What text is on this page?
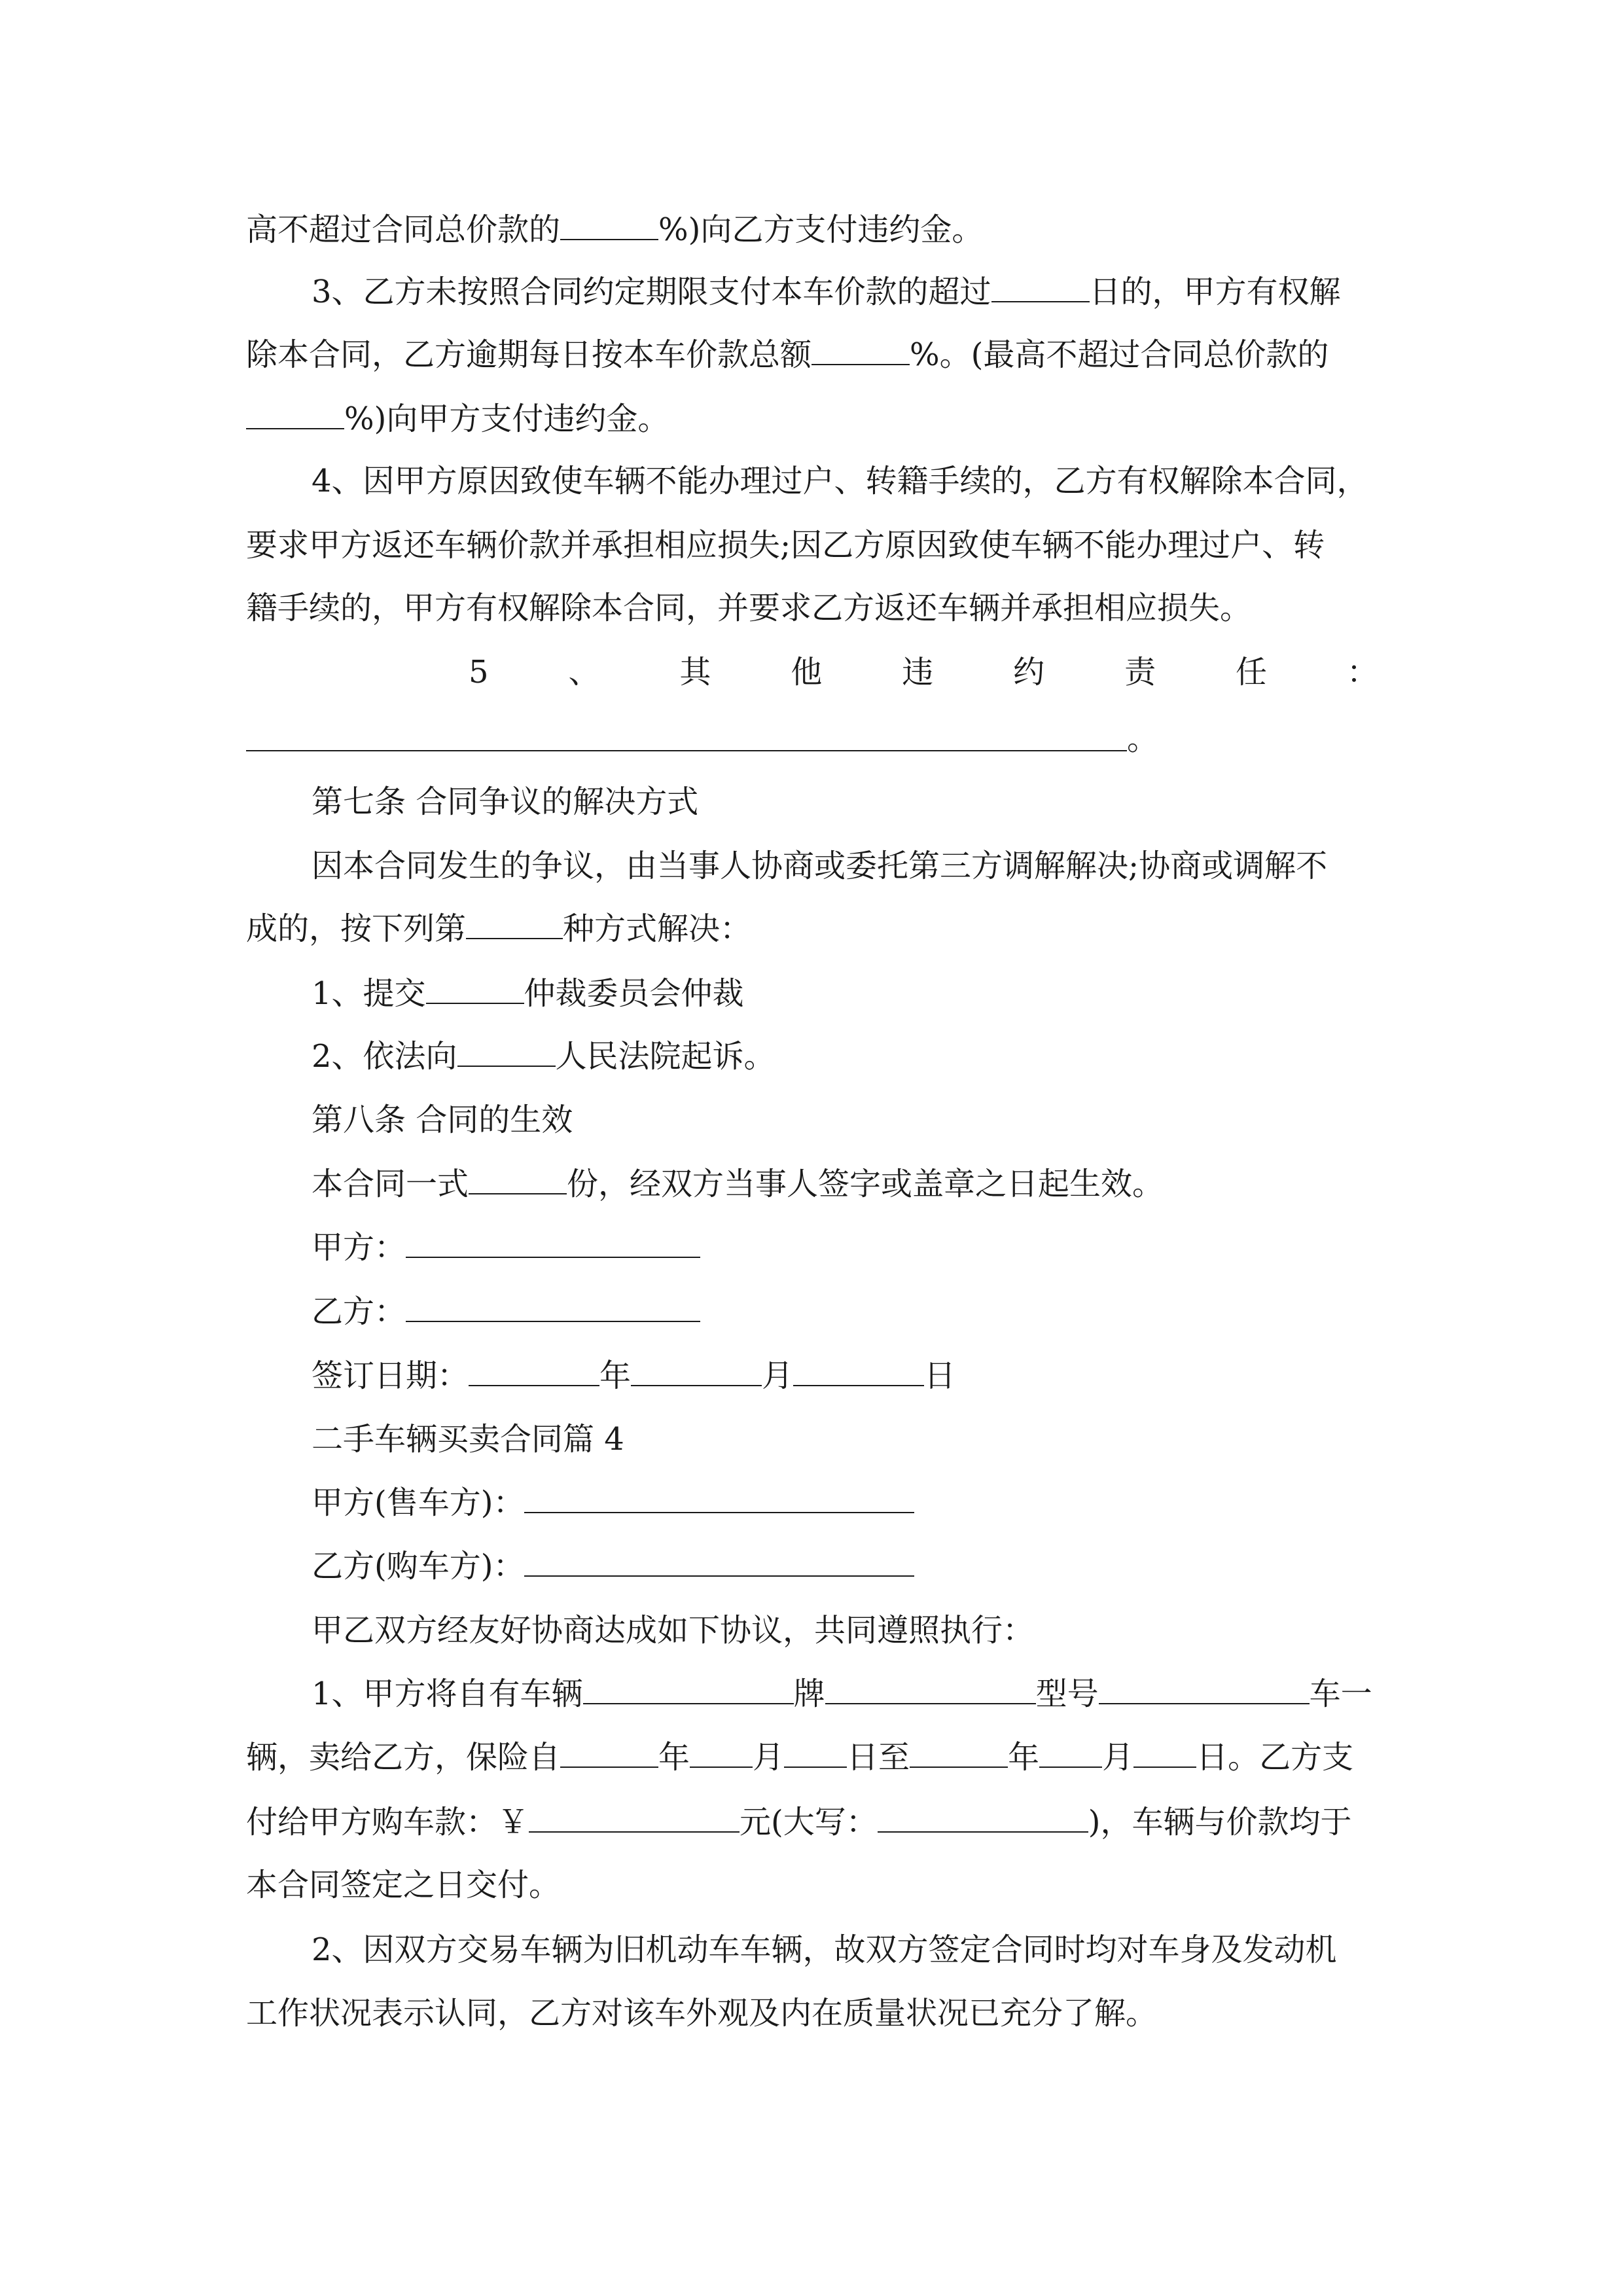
高不超过合同总价款的	%)向乙方支付违约金。
3、乙方未按照合同约定期限支付本车价款的超过	日的，甲方有权解
除本合同，乙方逾期每日按本车价款总额	%。(最高不超过合同总价款的
%)向甲方支付违约金。
4、因甲方原因致使车辆不能办理过户、转籍手续的，乙方有权解除本合同，
要求甲方返还车辆价款并承担相应损失;因乙方原因致使车辆不能办理过户、转
籍手续的，甲方有权解除本合同，并要求乙方返还车辆并承担相应损失。
5	、	其	他	违	约	责	任	：
。
第七条 合同争议的解决方式
因本合同发生的争议，由当事人协商或委托第三方调解解决;协商或调解不
成的，按下列第	种方式解决：
1、提交	仲裁委员会仲裁
2、依法向	人民法院起诉。
第八条 合同的生效
本合同一式	份，经双方当事人签字或盖章之日起生效。
甲方：
乙方：
签订日期：	年	月	日
二手车辆买卖合同篇 4
甲方(售车方)：
乙方(购车方)：
甲乙双方经友好协商达成如下协议，共同遵照执行：
1、甲方将自有车辆	牌	型号	车一
辆，卖给乙方，保险自	年 月 日至	年 月 日。乙方支
付给甲方购车款：￥	元(大写：	)，车辆与价款均于
本合同签定之日交付。
2、因双方交易车辆为旧机动车车辆，故双方签定合同时均对车身及发动机
工作状况表示认同，乙方对该车外观及内在质量状况已充分了解。
